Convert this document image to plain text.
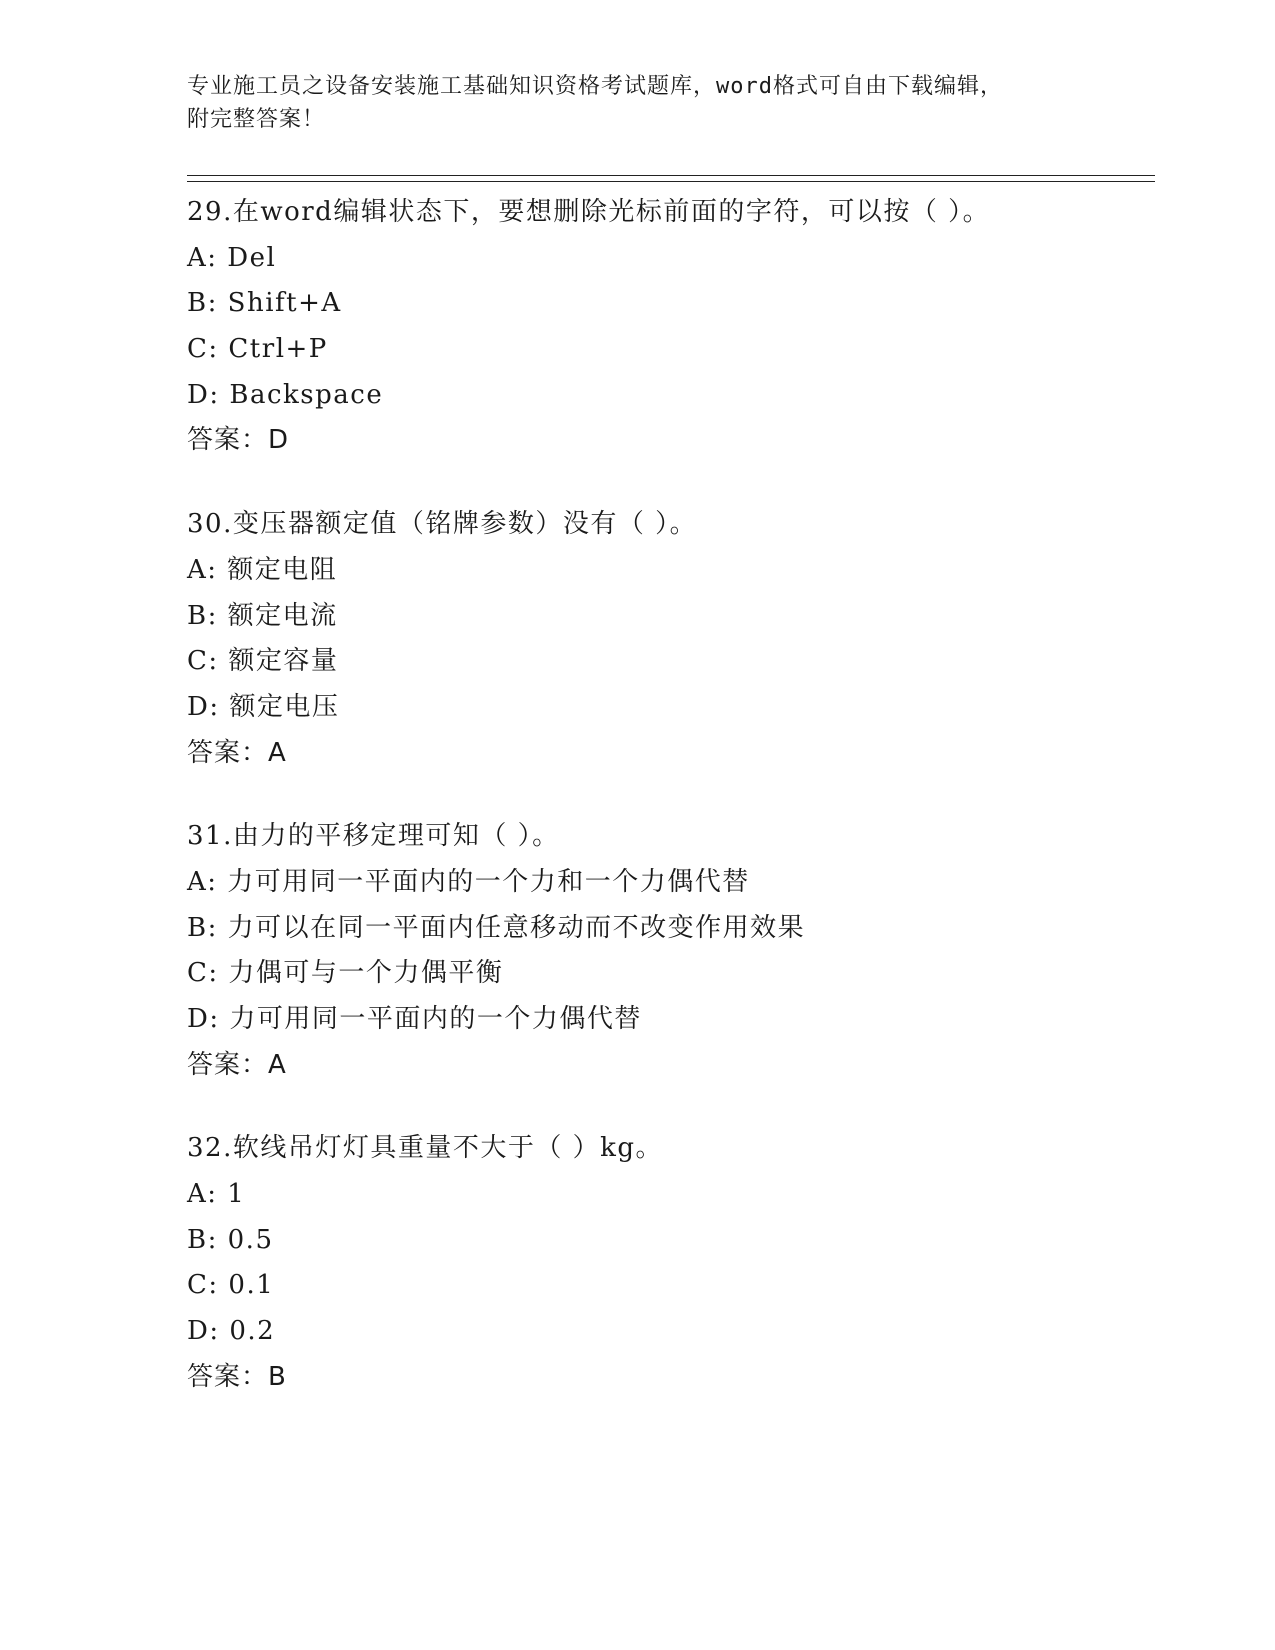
专业施工员之设备安装施工基础知识资格考试题库，word格式可自由下载编辑，
附完整答案！
29.在word编辑状态下，要想删除光标前面的字符，可以按（ ）。
A: Del
B: Shift+A
C: Ctrl+P
D: Backspace
答案：D
30.变压器额定值（铭牌参数）没有（ ）。
A: 额定电阻
B: 额定电流
C: 额定容量
D: 额定电压
答案：A
31.由力的平移定理可知（ ）。
A: 力可用同一平面内的一个力和一个力偶代替
B: 力可以在同一平面内任意移动而不改变作用效果
C: 力偶可与一个力偶平衡
D: 力可用同一平面内的一个力偶代替
答案：A
32.软线吊灯灯具重量不大于（ ）kg。
A: 1
B: 0.5
C: 0.1
D: 0.2
答案：B
